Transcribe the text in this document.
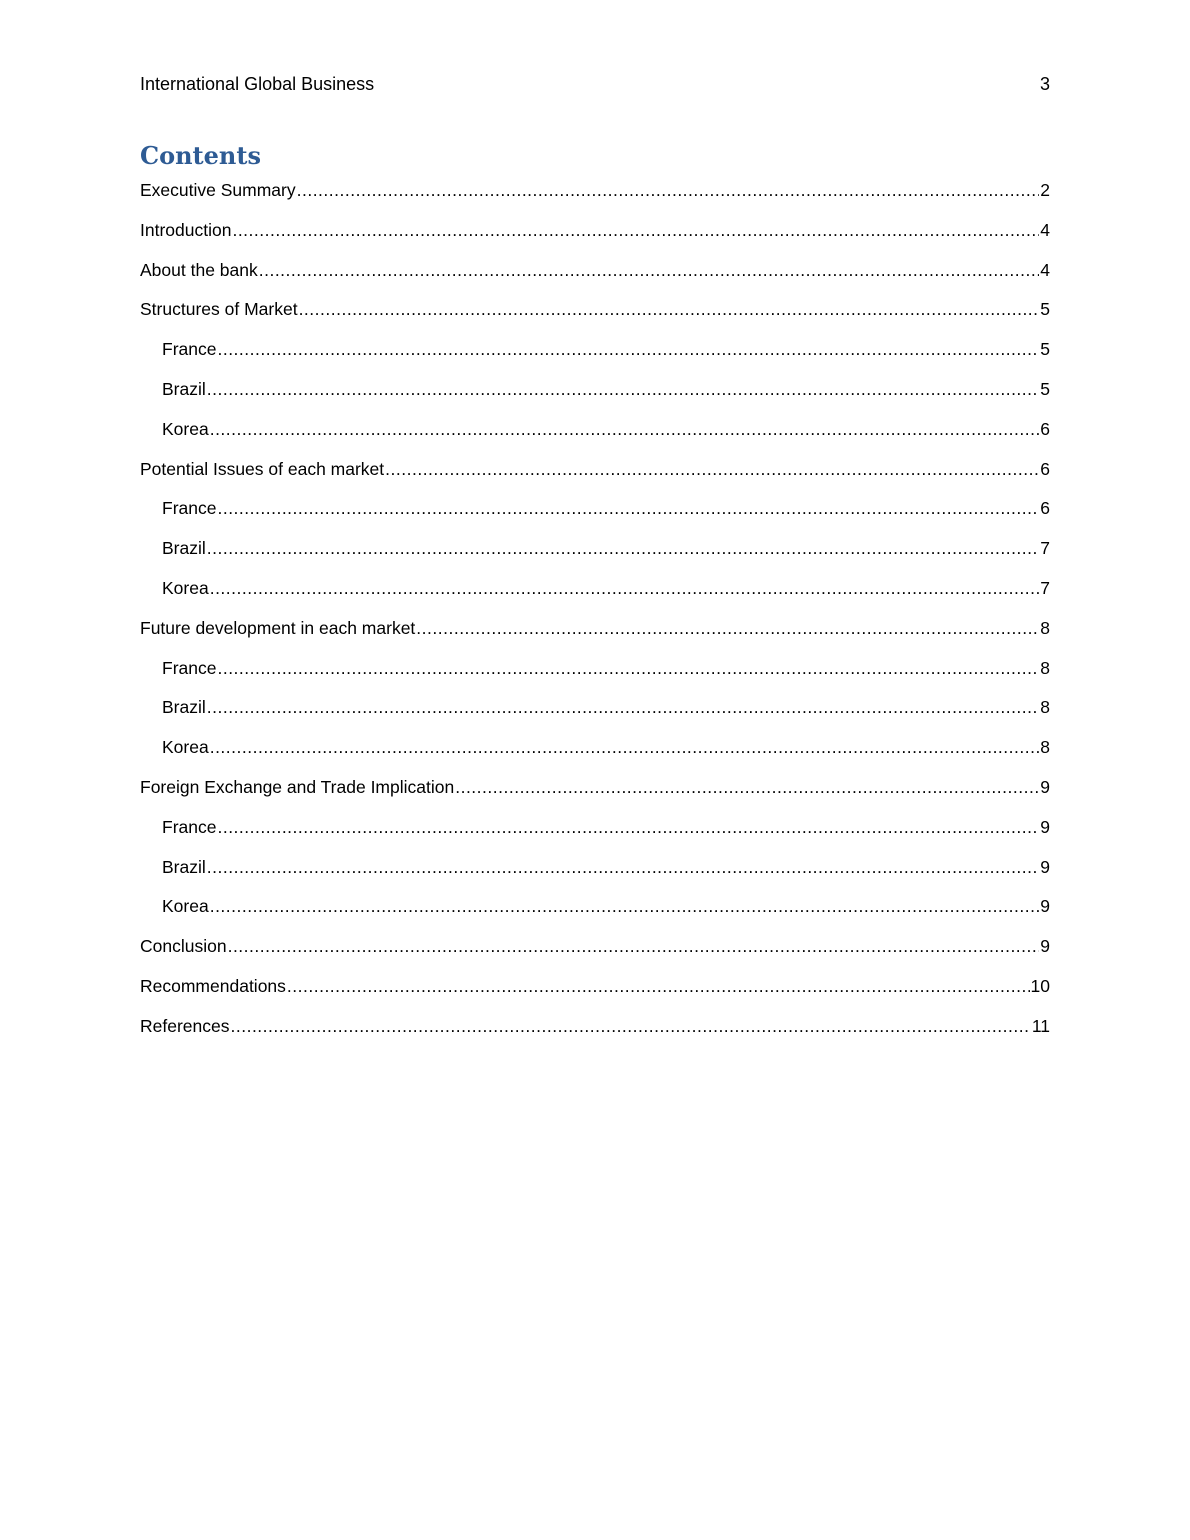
International Global Business	3
Contents
Executive Summary .....	2
Introduction .....	4
About the bank .....	4
Structures of Market .....	5
France .....	5
Brazil .....	5
Korea .....	6
Potential Issues of each market .....	6
France .....	6
Brazil .....	7
Korea .....	7
Future development in each market .....	8
France .....	8
Brazil .....	8
Korea .....	8
Foreign Exchange and Trade Implication .....	9
France .....	9
Brazil .....	9
Korea .....	9
Conclusion .....	9
Recommendations .....	10
References .....	11
